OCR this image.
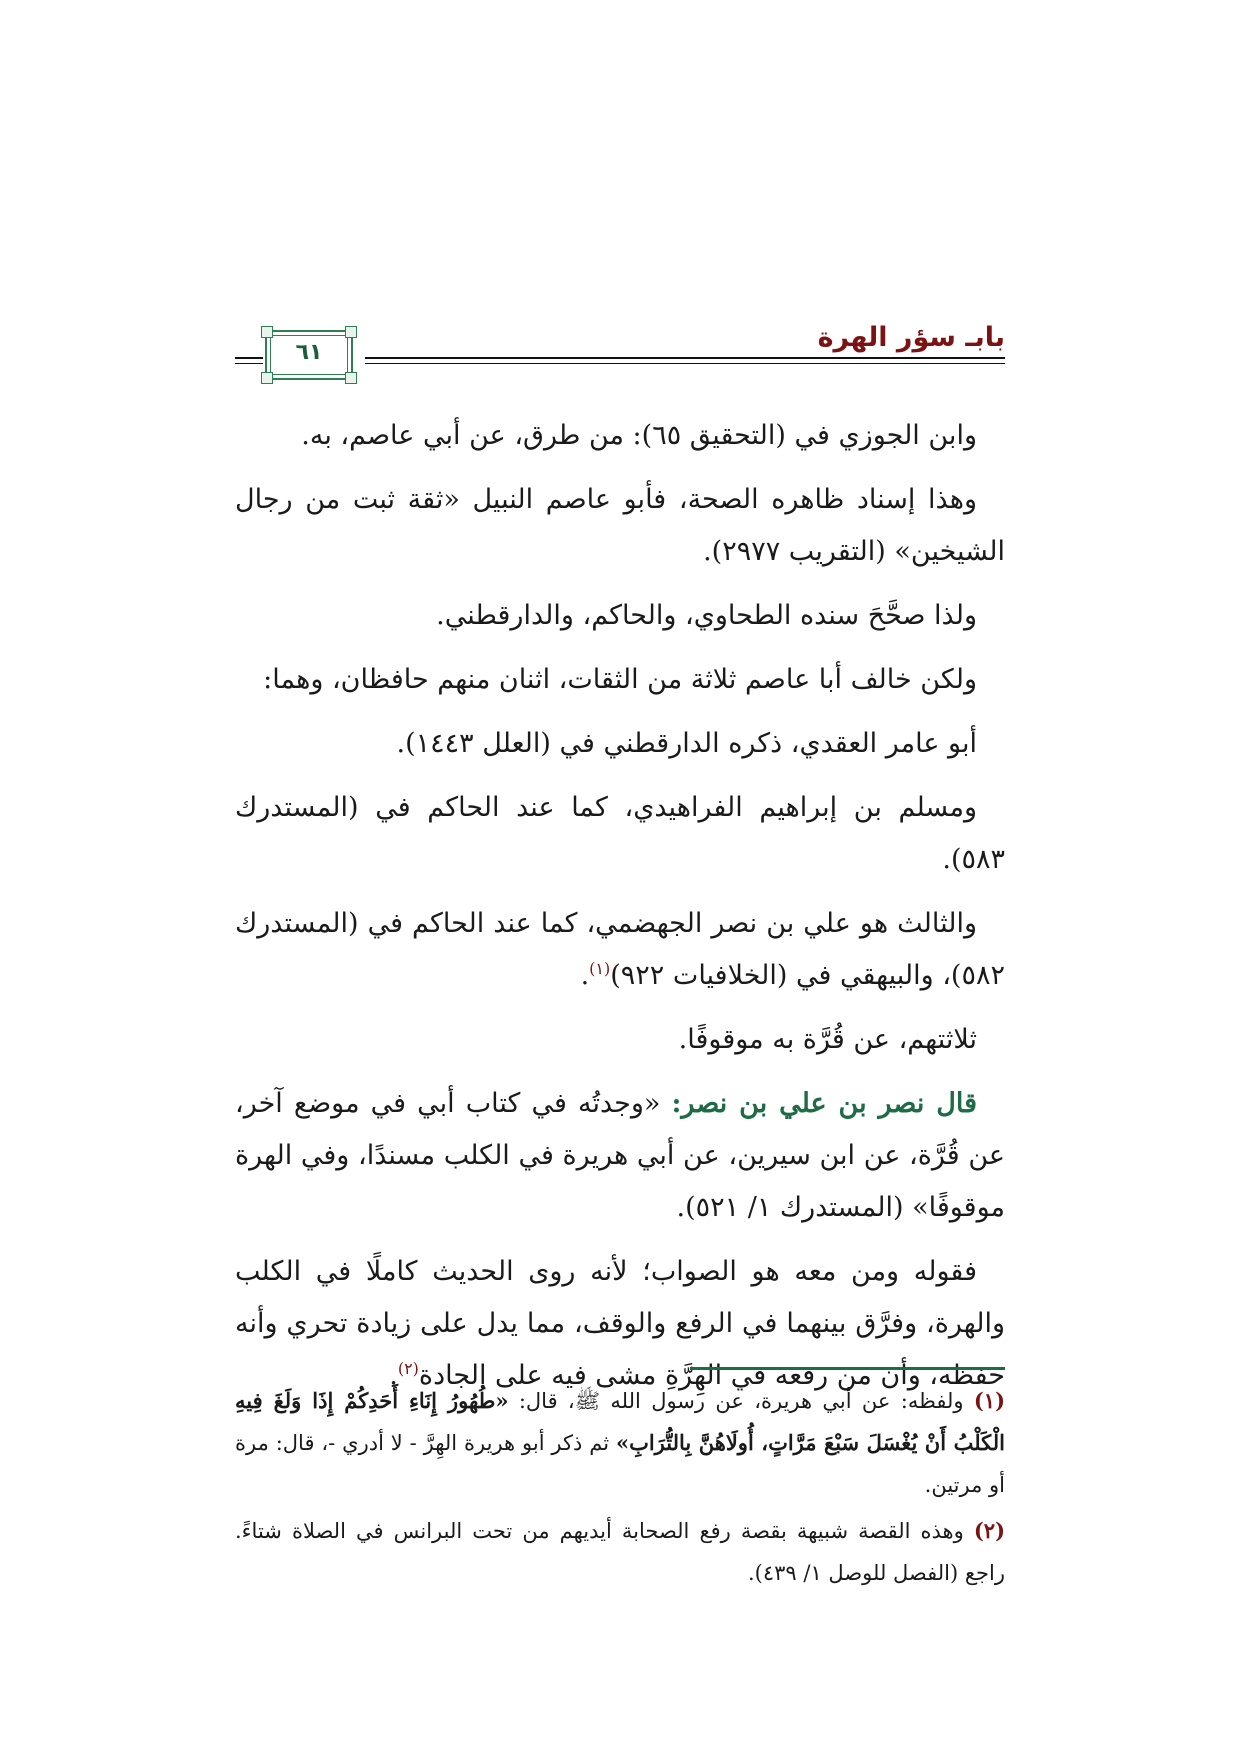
بابـ سؤر الهرة
٦١

وابن الجوزي في (التحقيق ٦٥): من طرق، عن أبي عاصم، به.

وهذا إسناد ظاهره الصحة، فأبو عاصم النبيل «ثقة ثبت من رجال الشيخين» (التقريب ٢٩٧٧).

ولذا صحَّحَ سنده الطحاوي، والحاكم، والدارقطني.

ولكن خالف أبا عاصم ثلاثة من الثقات، اثنان منهم حافظان، وهما:

أبو عامر العقدي، ذكره الدارقطني في (العلل ١٤٤٣).

ومسلم بن إبراهيم الفراهيدي، كما عند الحاكم في (المستدرك ٥٨٣).

والثالث هو علي بن نصر الجهضمي، كما عند الحاكم في (المستدرك ٥٨٢)، والبيهقي في (الخلافيات ٩٢٢)$^{(١)}$.

ثلاثتهم، عن قُرَّة به موقوفًا.

قال نصر بن علي بن نصر: «وجدتُه في كتاب أبي في موضع آخر، عن قُرَّة، عن ابن سيرين، عن أبي هريرة في الكلب مسندًا، وفي الهرة موقوفًا» (المستدرك ١/ ٥٢١).

فقوله ومن معه هو الصواب؛ لأنه روى الحديث كاملًا في الكلب والهرة، وفرَّق بينهما في الرفع والوقف، مما يدل على زيادة تحري وأنه حفظه، وأن من رفعه في الهِرَّةِ مشى فيه على الجادة$^{(٢)}$.

(١) ولفظه: عن أبي هريرة، عن رسول الله ﷺ، قال: «طُهُورُ إِنَاءِ أَحَدِكُمْ إِذَا وَلَغَ فِيهِ الْكَلْبُ أَنْ يُغْسَلَ سَبْعَ مَرَّاتٍ، أُولَاهُنَّ بِالتُّرَابِ» ثم ذكر أبو هريرة الهِرَّ - لا أدري -، قال: مرة أو مرتين.

(٢) وهذه القصة شبيهة بقصة رفع الصحابة أيديهم من تحت البرانس في الصلاة شتاءً. راجع (الفصل للوصل ١/ ٤٣٩).
